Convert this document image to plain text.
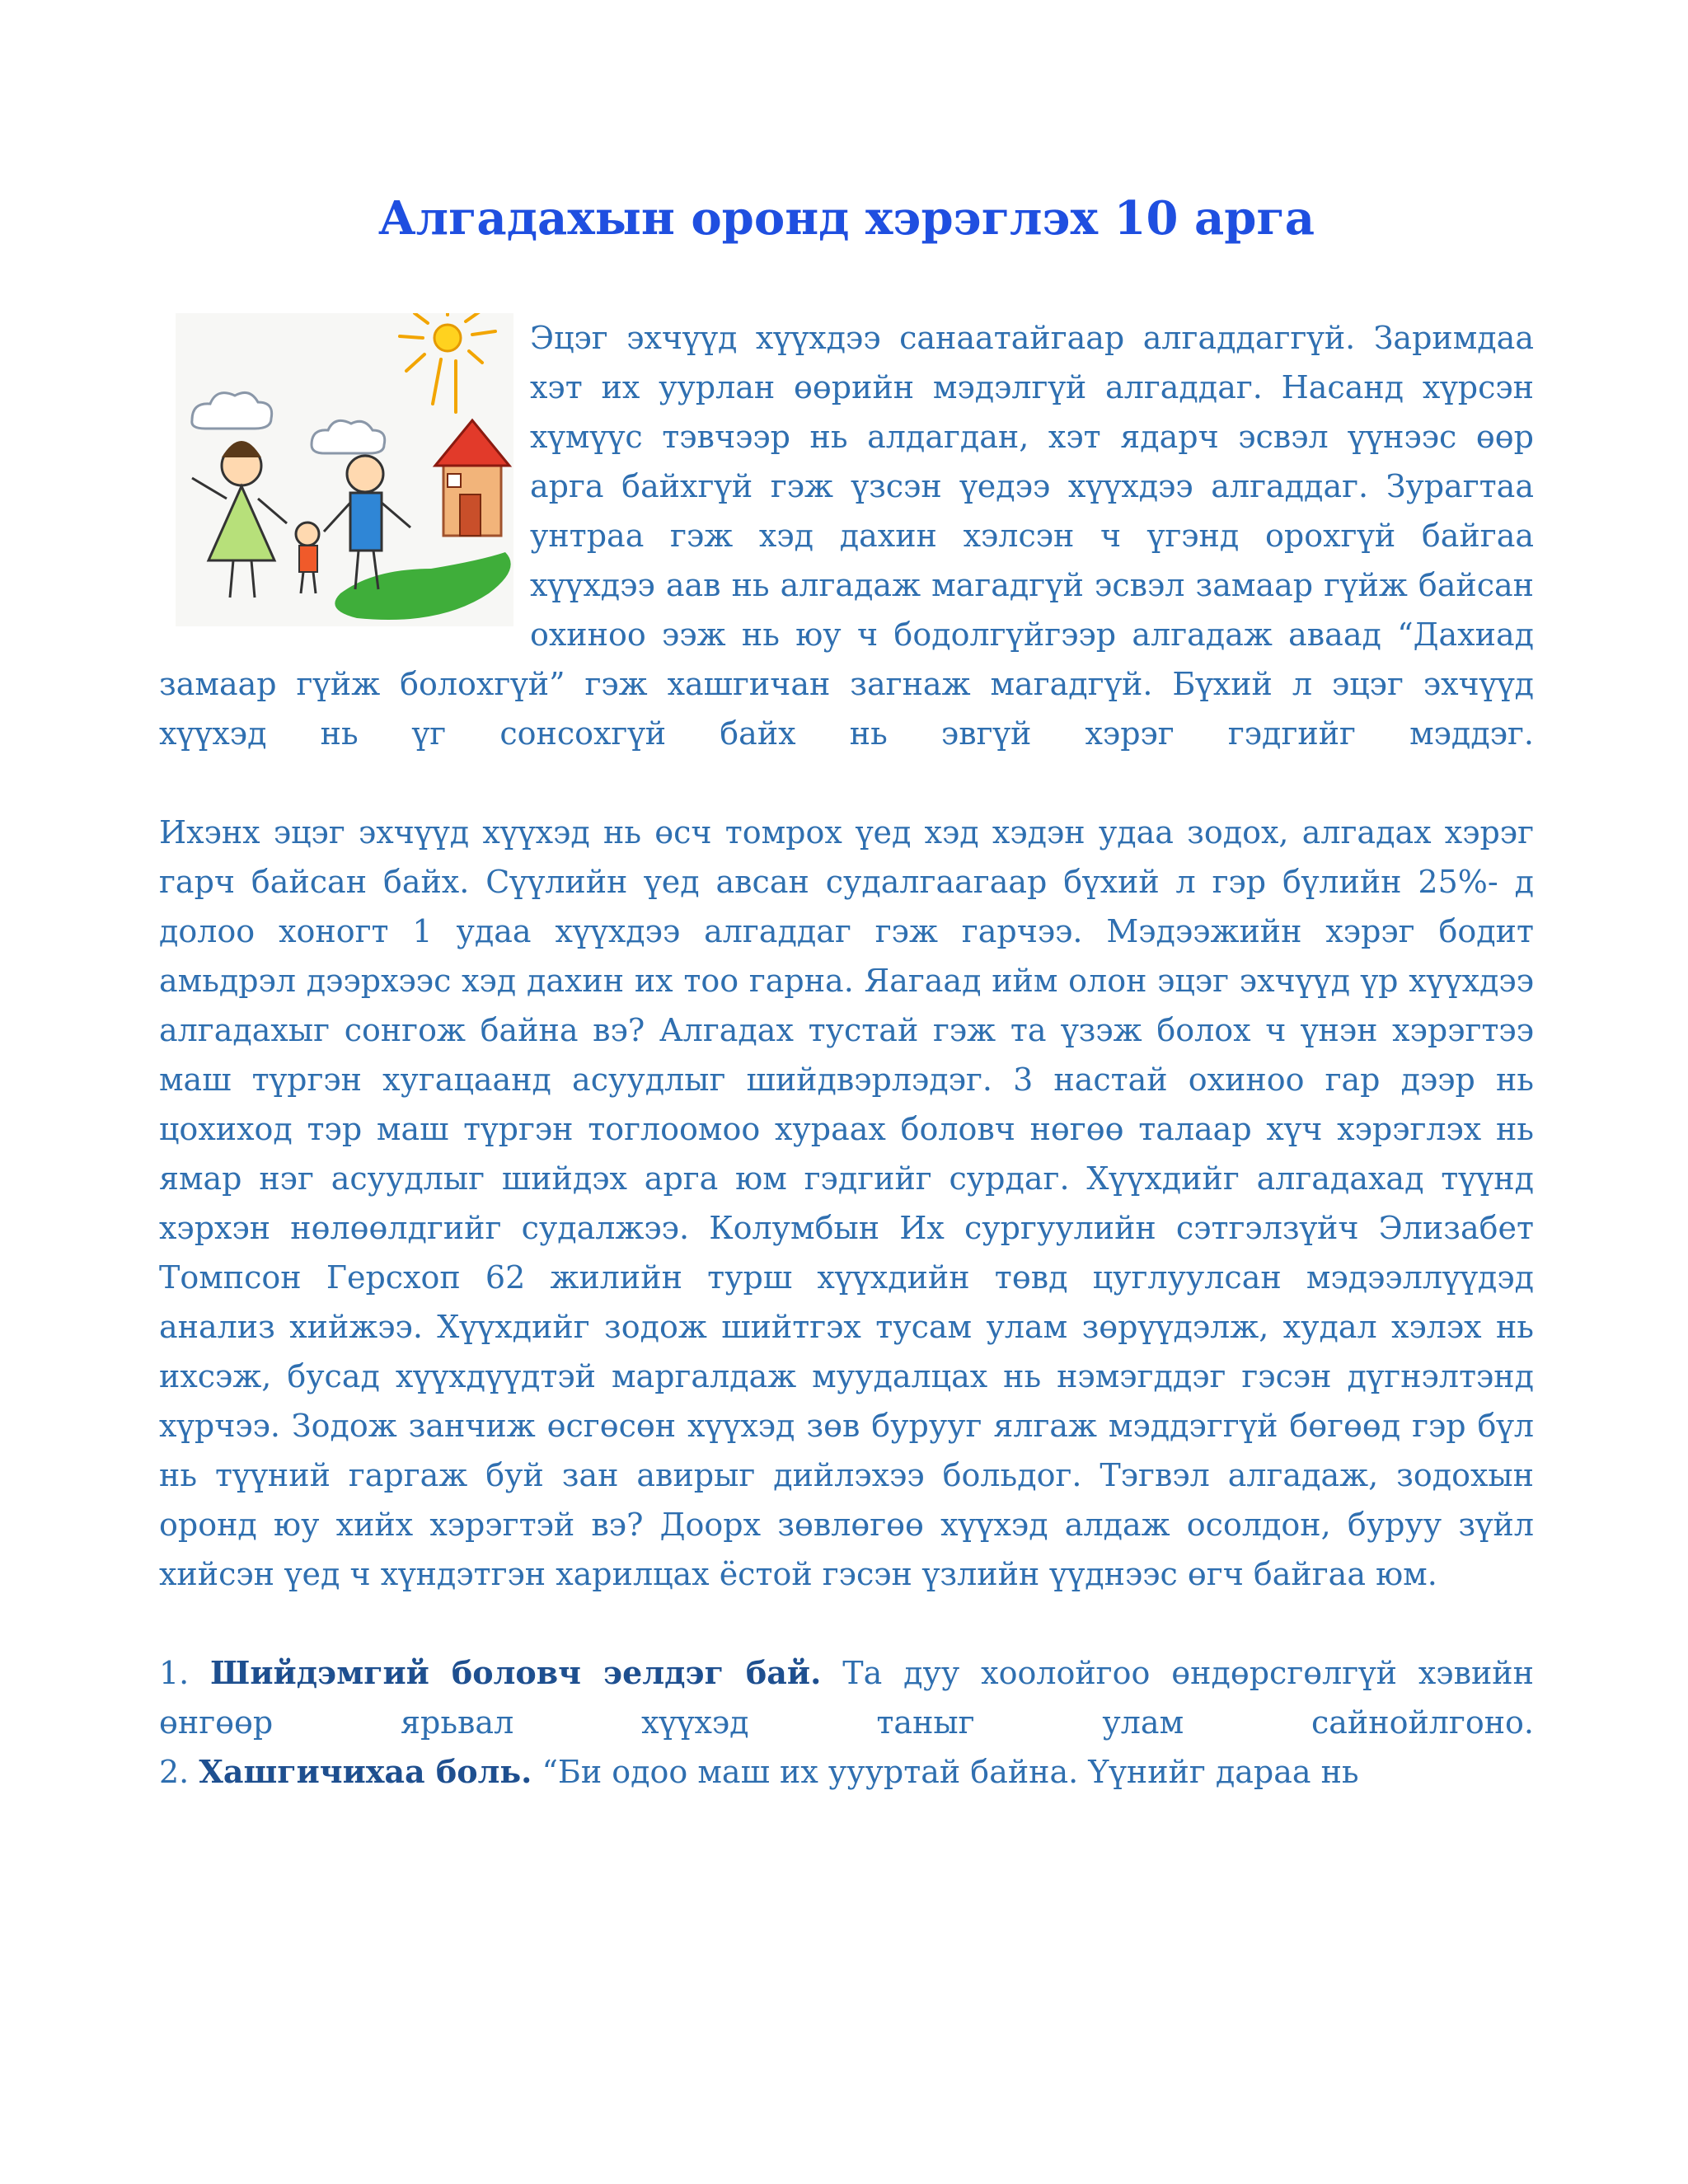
Алгадахын оронд хэрэглэх 10 арга

Эцэг эхчүүд хүүхдээ санаатайгаар алгаддаггүй. Заримдаа хэт их уурлан өөрийн мэдэлгүй алгаддаг. Насанд хүрсэн хүмүүс тэвчээр нь алдагдан, хэт ядарч эсвэл үүнээс өөр арга байхгүй гэж үзсэн үедээ хүүхдээ алгаддаг. Зурагтаа унтраа гэж хэд дахин хэлсэн ч үгэнд орохгүй байгаа хүүхдээ аав нь алгадаж магадгүй эсвэл замаар гүйж байсан охиноо ээж нь юу ч бодолгүйгээр алгадаж аваад “Дахиад замаар гүйж болохгүй” гэж хашгичан загнаж магадгүй. Бүхий л эцэг эхчүүд хүүхэд нь үг сонсохгүй байх нь эвгүй хэрэг гэдгийг мэддэг.

Ихэнх эцэг эхчүүд хүүхэд нь өсч томрох үед хэд хэдэн удаа зодох, алгадах хэрэг гарч байсан байх. Сүүлийн үед авсан судалгаагаар бүхий л гэр бүлийн 25%- д долоо хоногт 1 удаа хүүхдээ алгаддаг гэж гарчээ. Мэдээжийн хэрэг бодит амьдрэл дээрхээс хэд дахин их тоо гарна. Яагаад ийм олон эцэг эхчүүд үр хүүхдээ алгадахыг сонгож байна вэ? Алгадах тустай гэж та үзэж болох ч үнэн хэрэгтээ маш түргэн хугацаанд асуудлыг шийдвэрлэдэг. 3 настай охиноо гар дээр нь цохиход тэр маш түргэн тоглоомоо хураах боловч нөгөө талаар хүч хэрэглэх нь ямар нэг асуудлыг шийдэх арга юм гэдгийг сурдаг. Хүүхдийг алгадахад түүнд хэрхэн нөлөөлдгийг судалжээ. Колумбын Их сургуулийн сэтгэлзүйч Элизабет Томпсон Герсхоп 62 жилийн турш хүүхдийн төвд цуглуулсан мэдээллүүдэд анализ хийжээ. Хүүхдийг зодож шийтгэх тусам улам зөрүүдэлж, худал хэлэх нь ихсэж, бусад хүүхдүүдтэй маргалдаж муудалцах нь нэмэгддэг гэсэн дүгнэлтэнд хүрчээ. Зодож занчиж өсгөсөн хүүхэд зөв бурууг ялгаж мэддэггүй бөгөөд гэр бүл нь түүний гаргаж буй зан авирыг дийлэхээ больдог. Тэгвэл алгадаж, зодохын оронд юу хийх хэрэгтэй вэ? Доорх зөвлөгөө хүүхэд алдаж осолдон, буруу зүйл хийсэн үед ч хүндэтгэн харилцах ёстой гэсэн үзлийн үүднээс өгч байгаа юм.

1. Шийдэмгий боловч эелдэг бай. Та дуу хоолойгоо өндөрсгөлгүй хэвийн өнгөөр ярьвал хүүхэд таныг улам сайнойлгоно.

2. Хашгичихаа боль. “Би одоо маш их уууртай байна. Үүнийг дараа нь
